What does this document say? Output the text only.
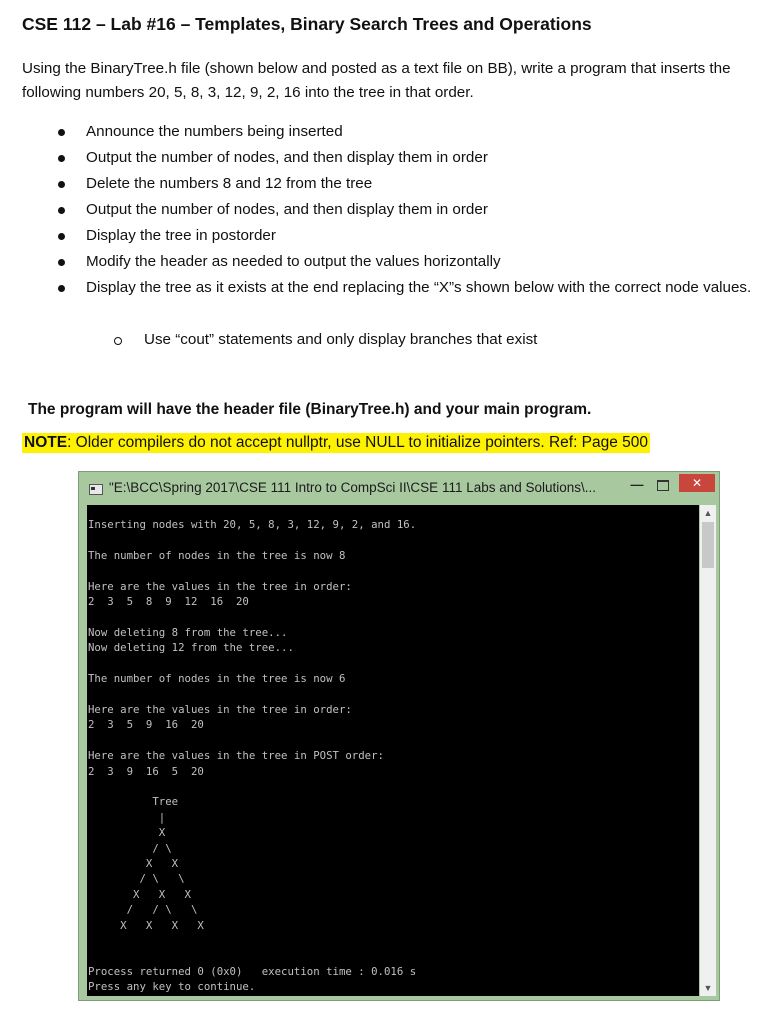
CSE 112 – Lab #16 – Templates, Binary Search Trees and Operations
Using the BinaryTree.h file (shown below and posted as a text file on BB), write a program that inserts the following numbers 20, 5, 8, 3, 12, 9, 2, 16 into the tree in that order.
Announce the numbers being inserted
Output the number of nodes, and then display them in order
Delete the numbers 8 and 12 from the tree
Output the number of nodes, and then display them in order
Display the tree in postorder
Modify the header as needed to output the values horizontally
Display the tree as it exists at the end replacing the “X”s shown below with the correct node values.
Use “cout” statements and only display branches that exist
The program will have the header file (BinaryTree.h) and your main program.
NOTE: Older compilers do not accept nullptr, use NULL to initialize pointers. Ref: Page 500
"E:\BCC\Spring 2017\CSE 111 Intro to CompSci II\CSE 111 Labs and Solutions\...	—	✕
Inserting nodes with 20, 5, 8, 3, 12, 9, 2, and 16.

The number of nodes in the tree is now 8

Here are the values in the tree in order:
2  3  5  8  9  12  16  20

Now deleting 8 from the tree...
Now deleting 12 from the tree...

The number of nodes in the tree is now 6

Here are the values in the tree in order:
2  3  5  9  16  20

Here are the values in the tree in POST order:
2  3  9  16  5  20

Tree
|
X
/ \
X   X
/ \   \
X   X   X
/   / \   \
X   X   X   X

Process returned 0 (0x0)   execution time : 0.016 s
Press any key to continue.

▲
▼
